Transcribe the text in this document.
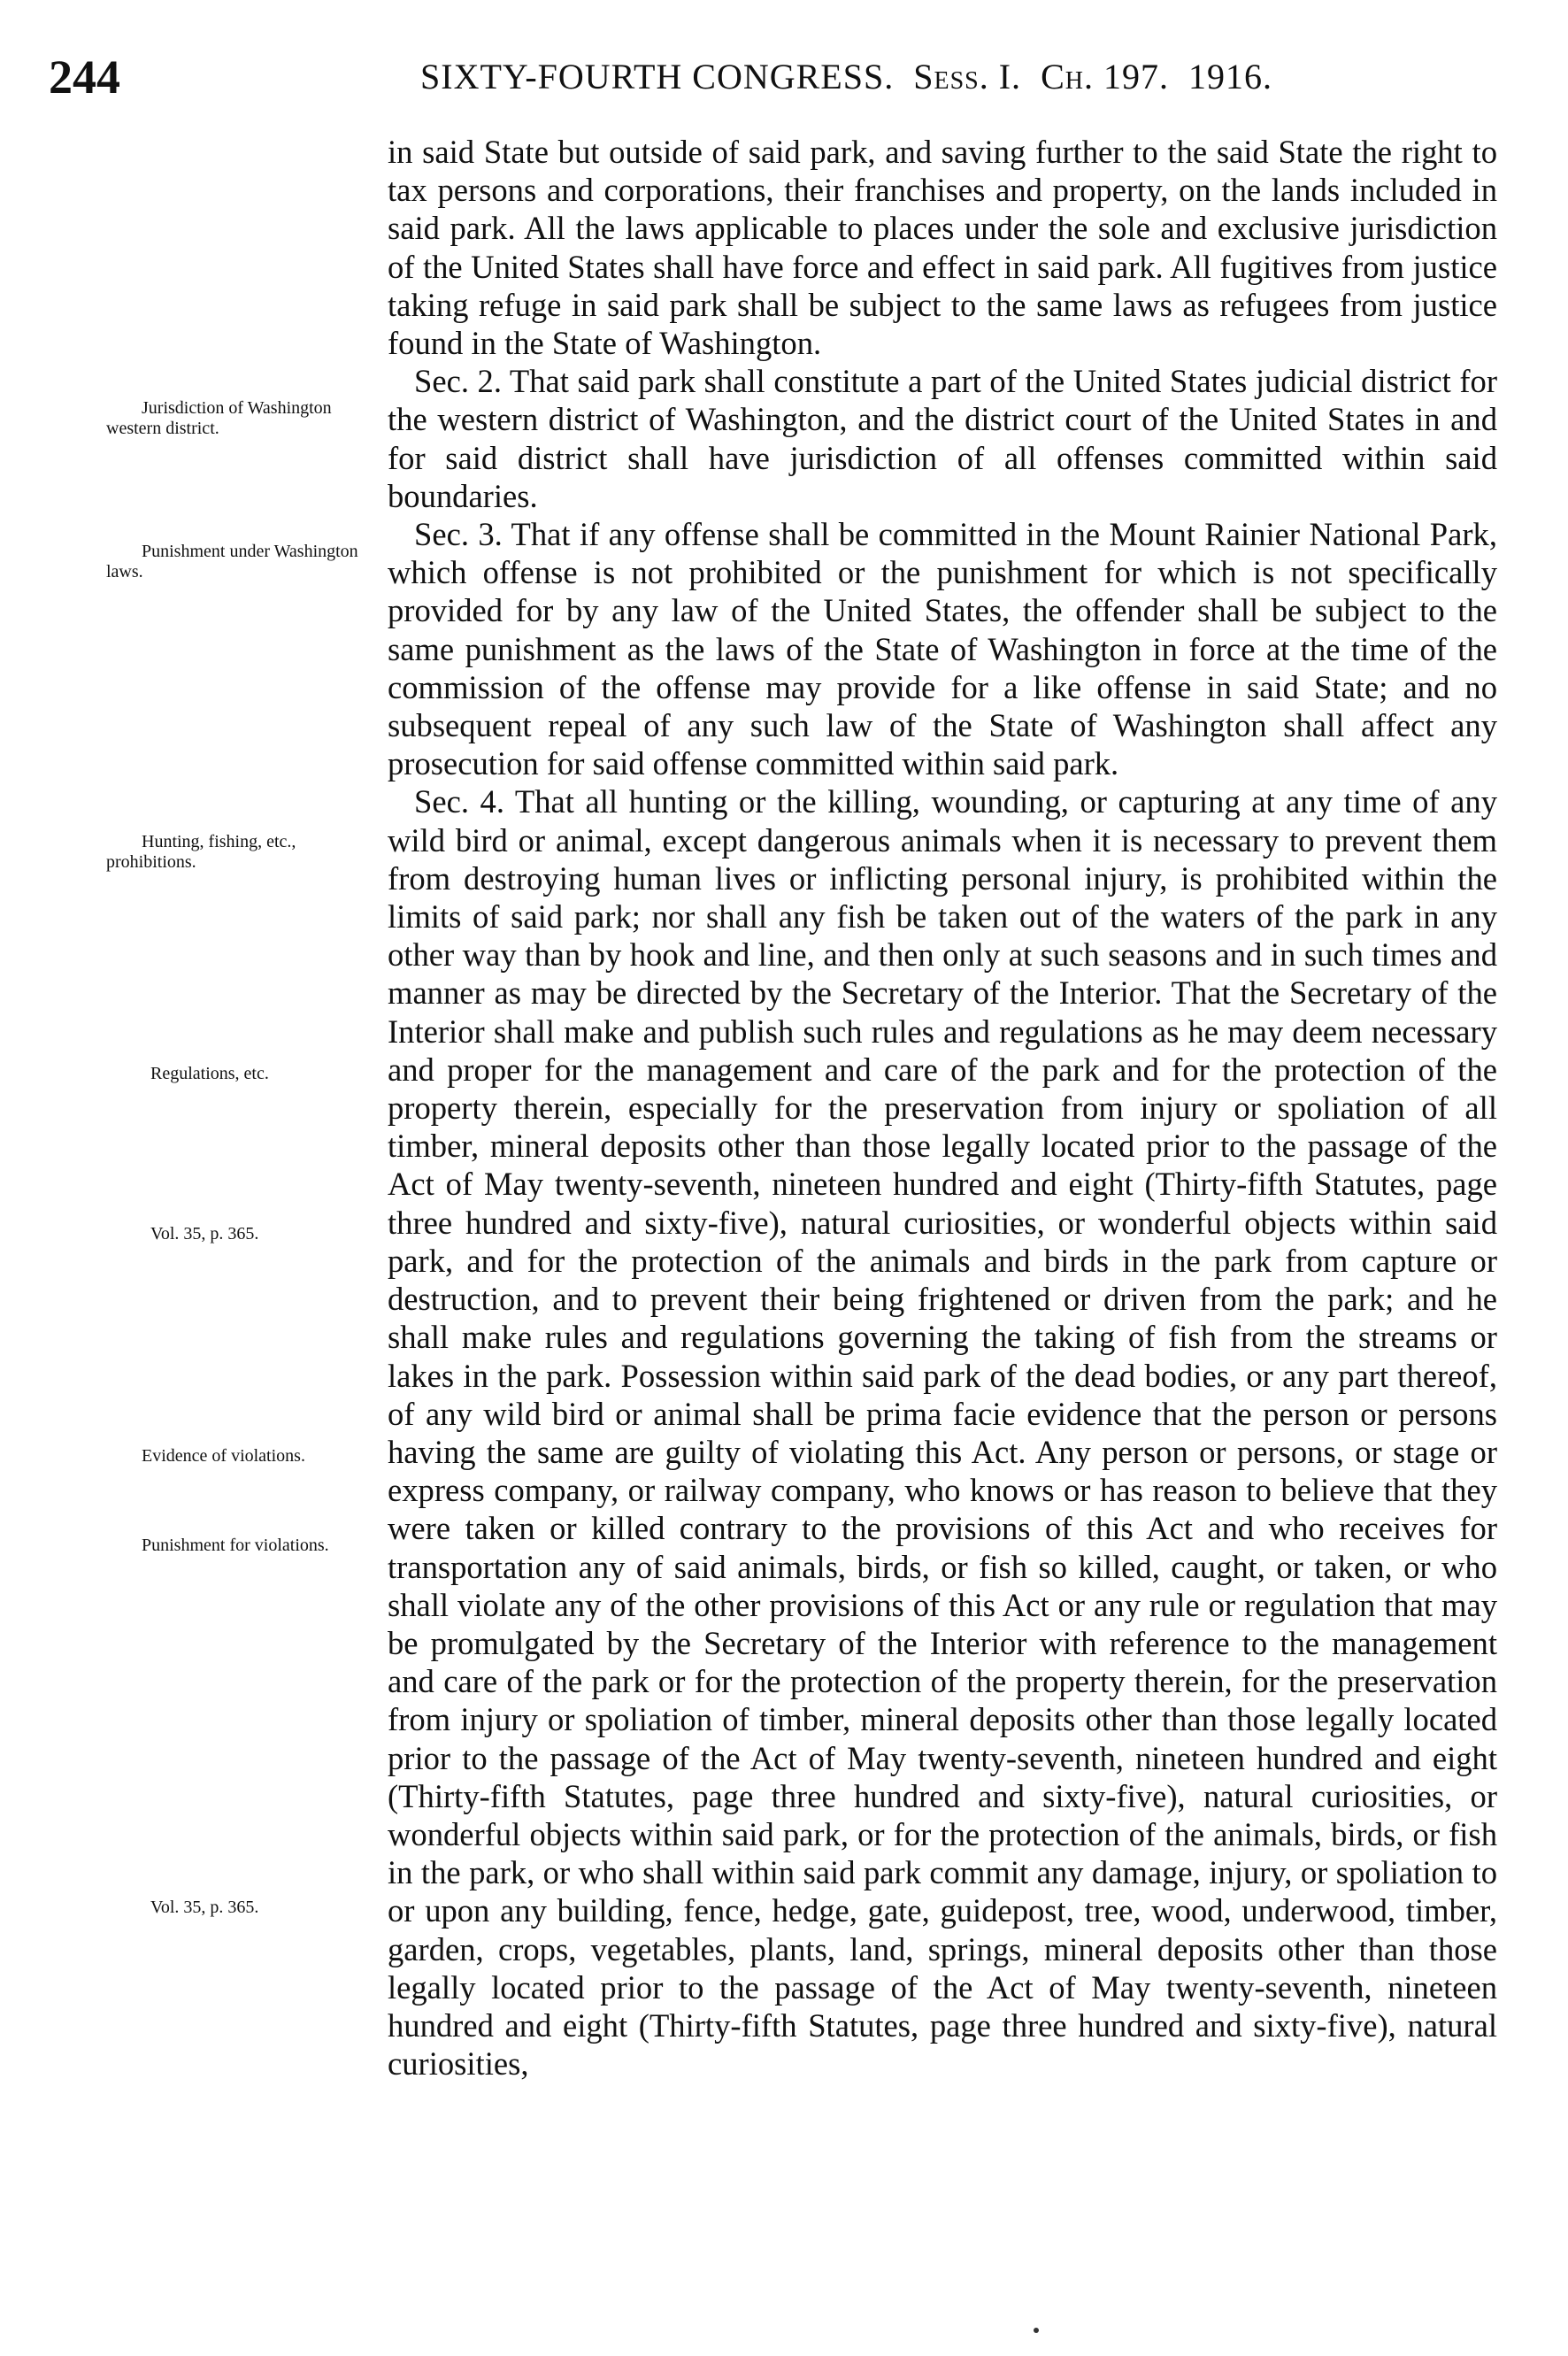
244	SIXTY-FOURTH CONGRESS. Sess. I. Ch. 197. 1916.
Jurisdiction of Washington western district.
Punishment under Washington laws.
Hunting, fishing, etc., prohibitions.
Regulations, etc.
Vol. 35, p. 365.
Evidence of violations.
Punishment for violations.
Vol. 35, p. 365.

in said State but outside of said park, and saving further to the said State the right to tax persons and corporations, their franchises and property, on the lands included in said park. All the laws applicable to places under the sole and exclusive jurisdiction of the United States shall have force and effect in said park. All fugitives from justice taking refuge in said park shall be subject to the same laws as refugees from justice found in the State of Washington.

Sec. 2. That said park shall constitute a part of the United States judicial district for the western district of Washington, and the district court of the United States in and for said district shall have jurisdiction of all offenses committed within said boundaries.

Sec. 3. That if any offense shall be committed in the Mount Rainier National Park, which offense is not prohibited or the punishment for which is not specifically provided for by any law of the United States, the offender shall be subject to the same punishment as the laws of the State of Washington in force at the time of the commission of the offense may provide for a like offense in said State; and no subsequent repeal of any such law of the State of Washington shall affect any prosecution for said offense committed within said park.

Sec. 4. That all hunting or the killing, wounding, or capturing at any time of any wild bird or animal, except dangerous animals when it is necessary to prevent them from destroying human lives or inflicting personal injury, is prohibited within the limits of said park; nor shall any fish be taken out of the waters of the park in any other way than by hook and line, and then only at such seasons and in such times and manner as may be directed by the Secretary of the Interior. That the Secretary of the Interior shall make and publish such rules and regulations as he may deem necessary and proper for the management and care of the park and for the protection of the property therein, especially for the preservation from injury or spoliation of all timber, mineral deposits other than those legally located prior to the passage of the Act of May twenty-seventh, nineteen hundred and eight (Thirty-fifth Statutes, page three hundred and sixty-five), natural curiosities, or wonderful objects within said park, and for the protection of the animals and birds in the park from capture or destruction, and to prevent their being frightened or driven from the park; and he shall make rules and regulations governing the taking of fish from the streams or lakes in the park. Possession within said park of the dead bodies, or any part thereof, of any wild bird or animal shall be prima facie evidence that the person or persons having the same are guilty of violating this Act. Any person or persons, or stage or express company, or railway company, who knows or has reason to believe that they were taken or killed contrary to the provisions of this Act and who receives for transportation any of said animals, birds, or fish so killed, caught, or taken, or who shall violate any of the other provisions of this Act or any rule or regulation that may be promulgated by the Secretary of the Interior with reference to the management and care of the park or for the protection of the property therein, for the preservation from injury or spoliation of timber, mineral deposits other than those legally located prior to the passage of the Act of May twenty-seventh, nineteen hundred and eight (Thirty-fifth Statutes, page three hundred and sixty-five), natural curiosities, or wonderful objects within said park, or for the protection of the animals, birds, or fish in the park, or who shall within said park commit any damage, injury, or spoliation to or upon any building, fence, hedge, gate, guidepost, tree, wood, underwood, timber, garden, crops, vegetables, plants, land, springs, mineral deposits other than those legally located prior to the passage of the Act of May twenty-seventh, nineteen hundred and eight (Thirty-fifth Statutes, page three hundred and sixty-five), natural curiosities,
